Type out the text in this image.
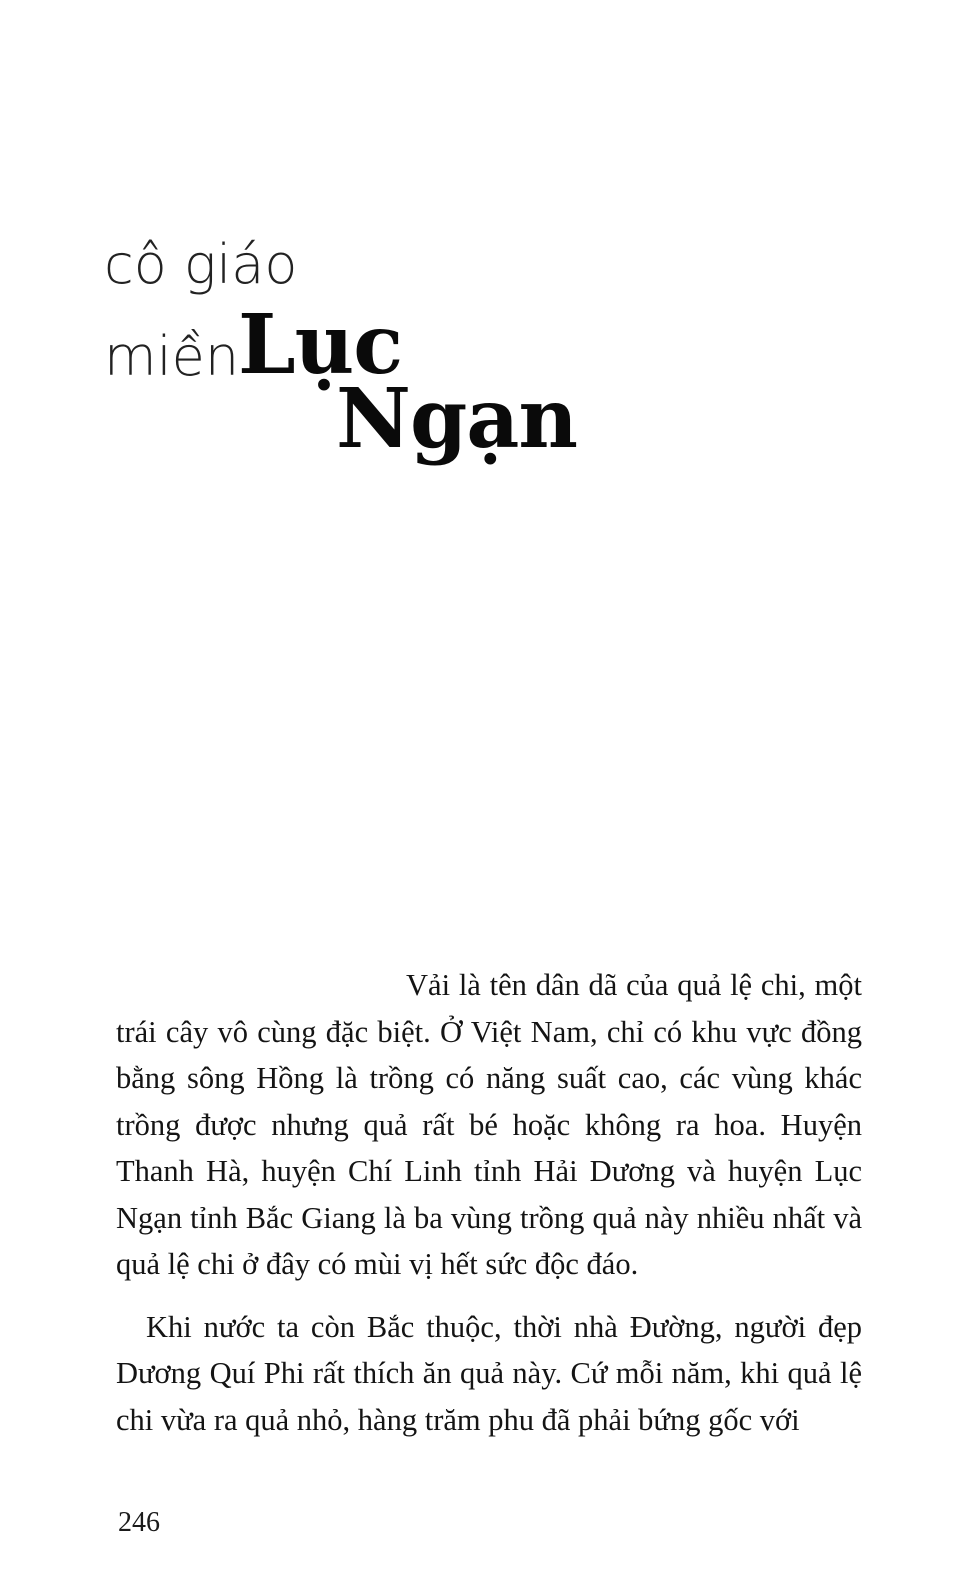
cô giáo
miền
Lục
Ngạn

Vải là tên dân dã của quả lệ chi, một trái cây vô cùng đặc biệt. Ở Việt Nam, chỉ có khu vực đồng bằng sông Hồng là trồng có năng suất cao, các vùng khác trồng được nhưng quả rất bé hoặc không ra hoa. Huyện Thanh Hà, huyện Chí Linh tỉnh Hải Dương và huyện Lục Ngạn tỉnh Bắc Giang là ba vùng trồng quả này nhiều nhất và quả lệ chi ở đây có mùi vị hết sức độc đáo.

Khi nước ta còn Bắc thuộc, thời nhà Đường, người đẹp Dương Quí Phi rất thích ăn quả này. Cứ mỗi năm, khi quả lệ chi vừa ra quả nhỏ, hàng trăm phu đã phải bứng gốc với

246
